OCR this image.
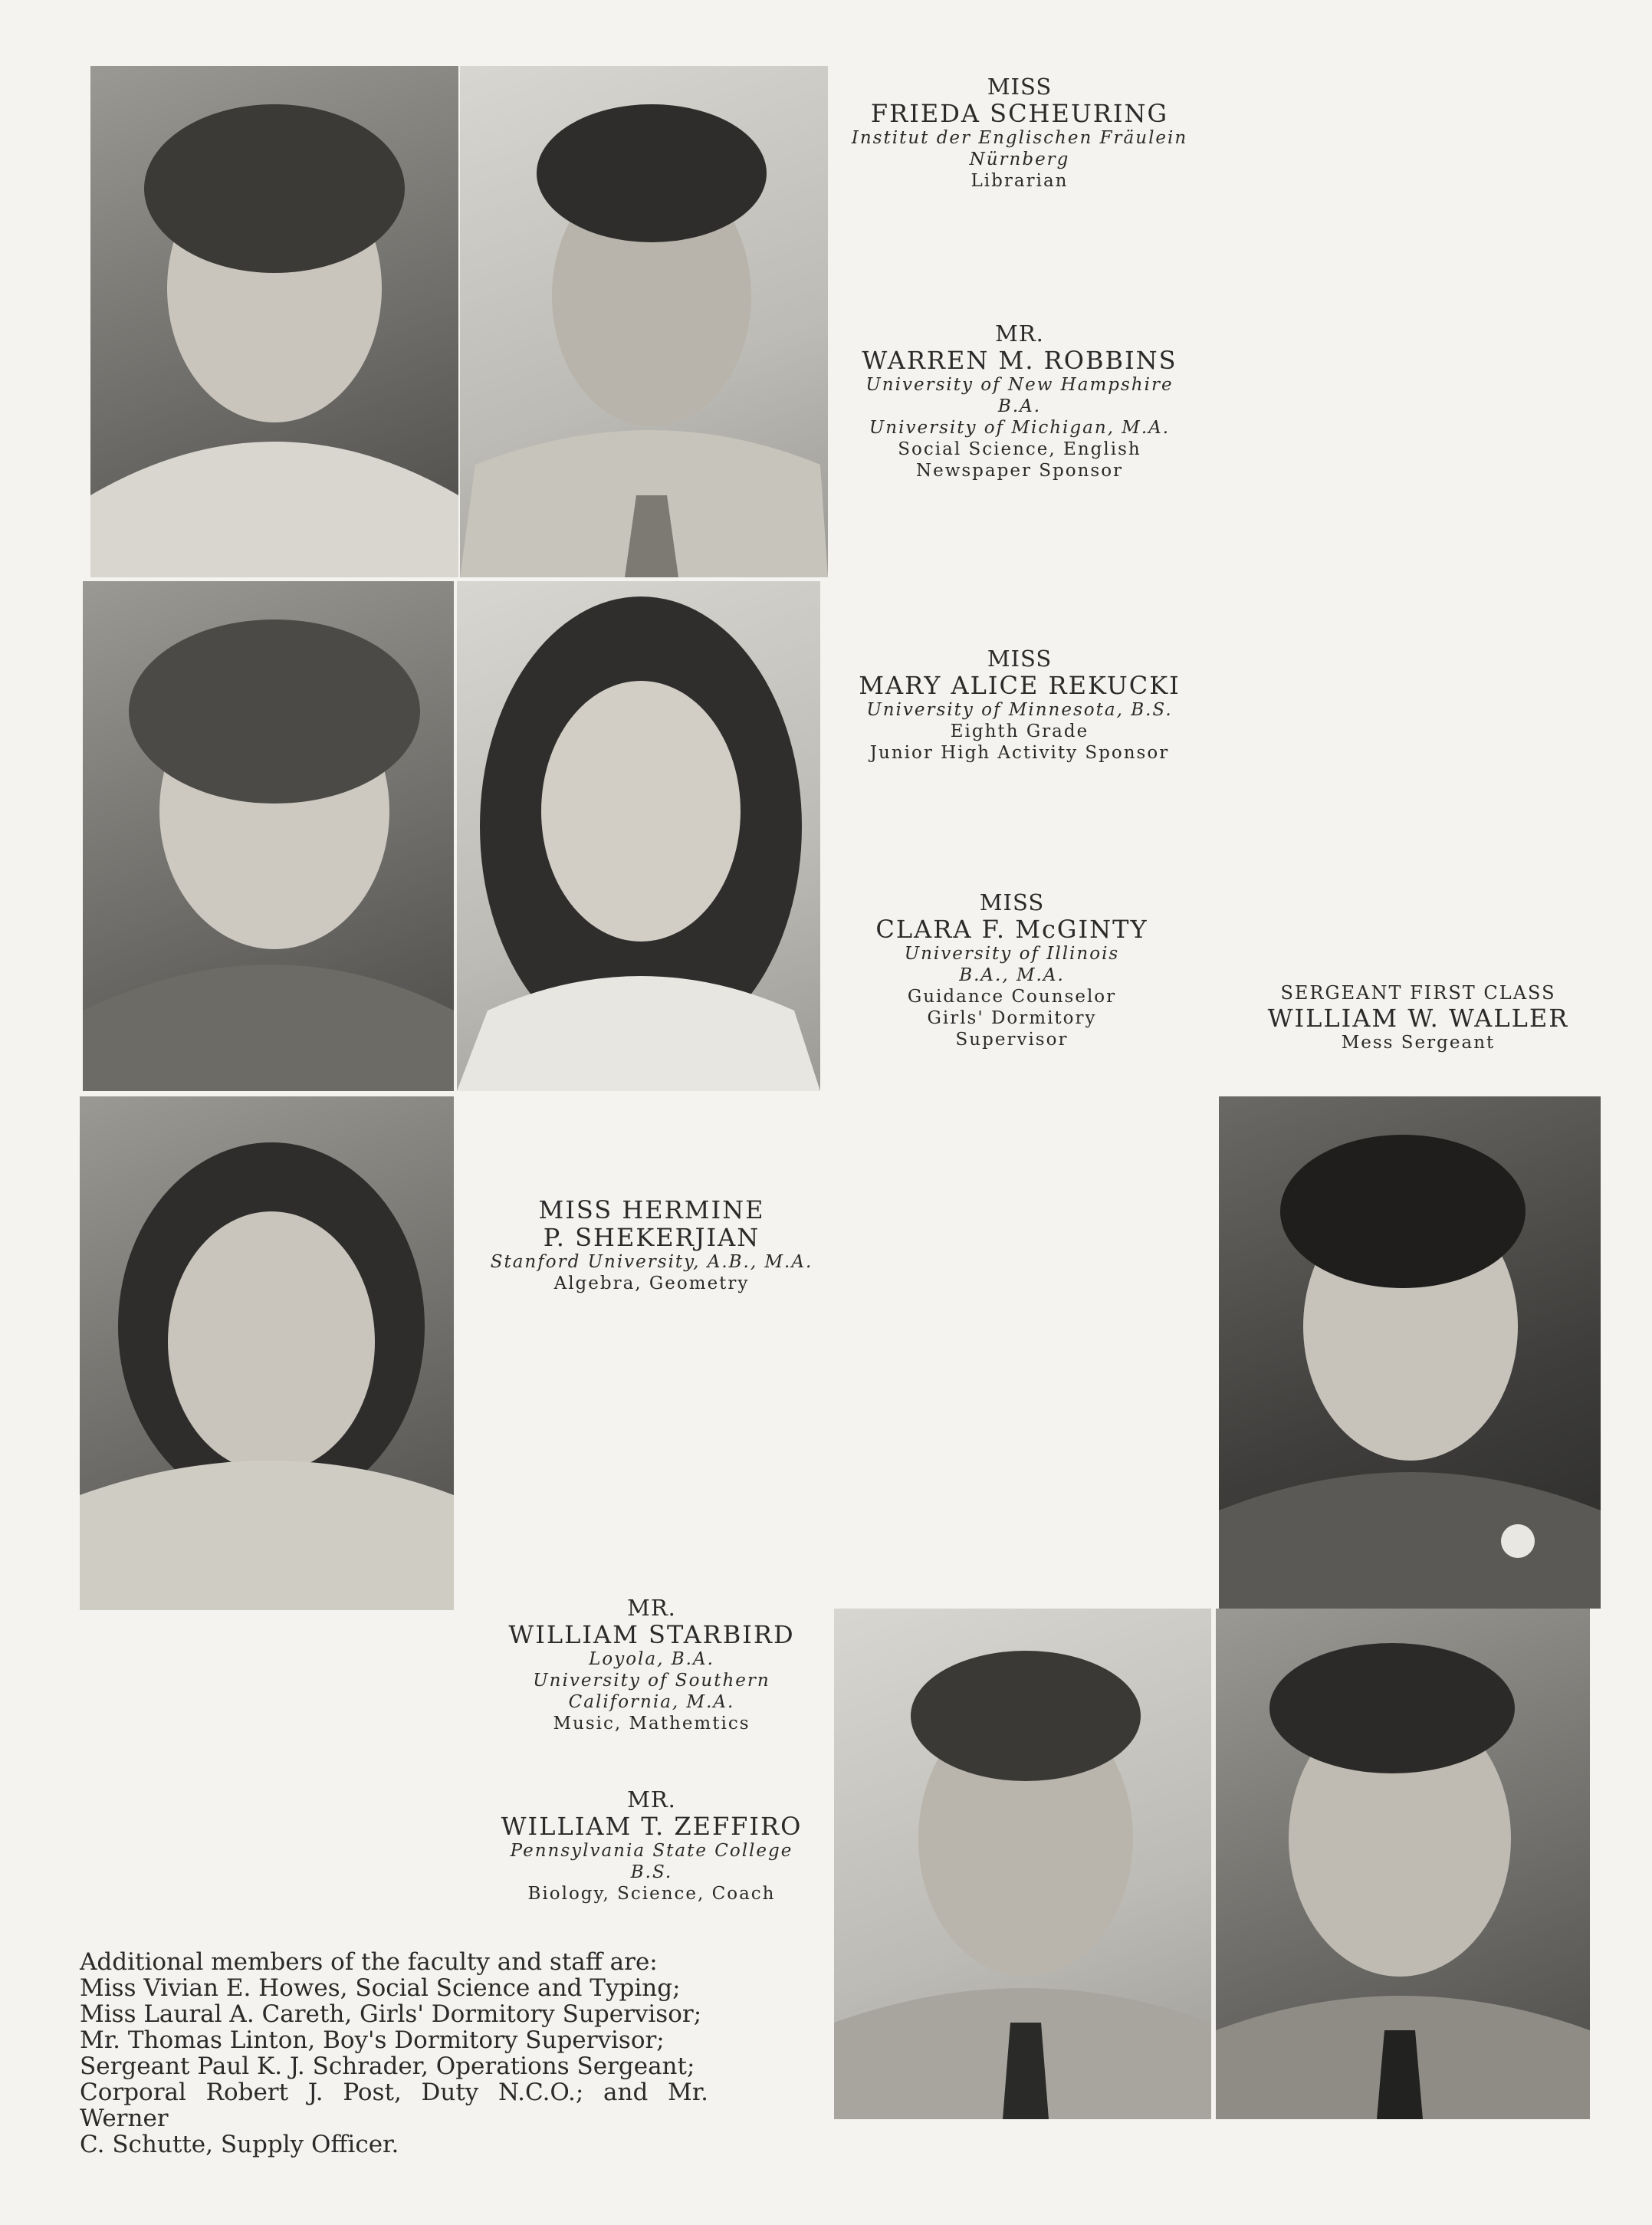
MISS
FRIEDA SCHEURING
Institut der Englischen Fräulein
Nürnberg
Librarian
MR.
WARREN M. ROBBINS
University of New Hampshire
B.A.
University of Michigan, M.A.
Social Science, English
Newspaper Sponsor
MISS
MARY ALICE REKUCKI
University of Minnesota, B.S.
Eighth Grade
Junior High Activity Sponsor
MISS
CLARA F. McGINTY
University of Illinois
B.A., M.A.
Guidance Counselor
Girls' Dormitory
Supervisor
SERGEANT FIRST CLASS
WILLIAM W. WALLER
Mess Sergeant
MISS HERMINE
P. SHEKERJIAN
Stanford University, A.B., M.A.
Algebra, Geometry
MR.
WILLIAM STARBIRD
Loyola, B.A.
University of Southern
California, M.A.
Music, Mathemtics
MR.
WILLIAM T. ZEFFIRO
Pennsylvania State College
B.S.
Biology, Science, Coach
Additional members of the faculty and staff are:
Miss Vivian E. Howes, Social Science and Typing;
Miss Laural A. Careth, Girls' Dormitory Supervisor;
Mr. Thomas Linton, Boy's Dormitory Supervisor;
Sergeant Paul K. J. Schrader, Operations Sergeant;
Corporal Robert J. Post, Duty N.C.O.; and Mr. Werner
C. Schutte, Supply Officer.
